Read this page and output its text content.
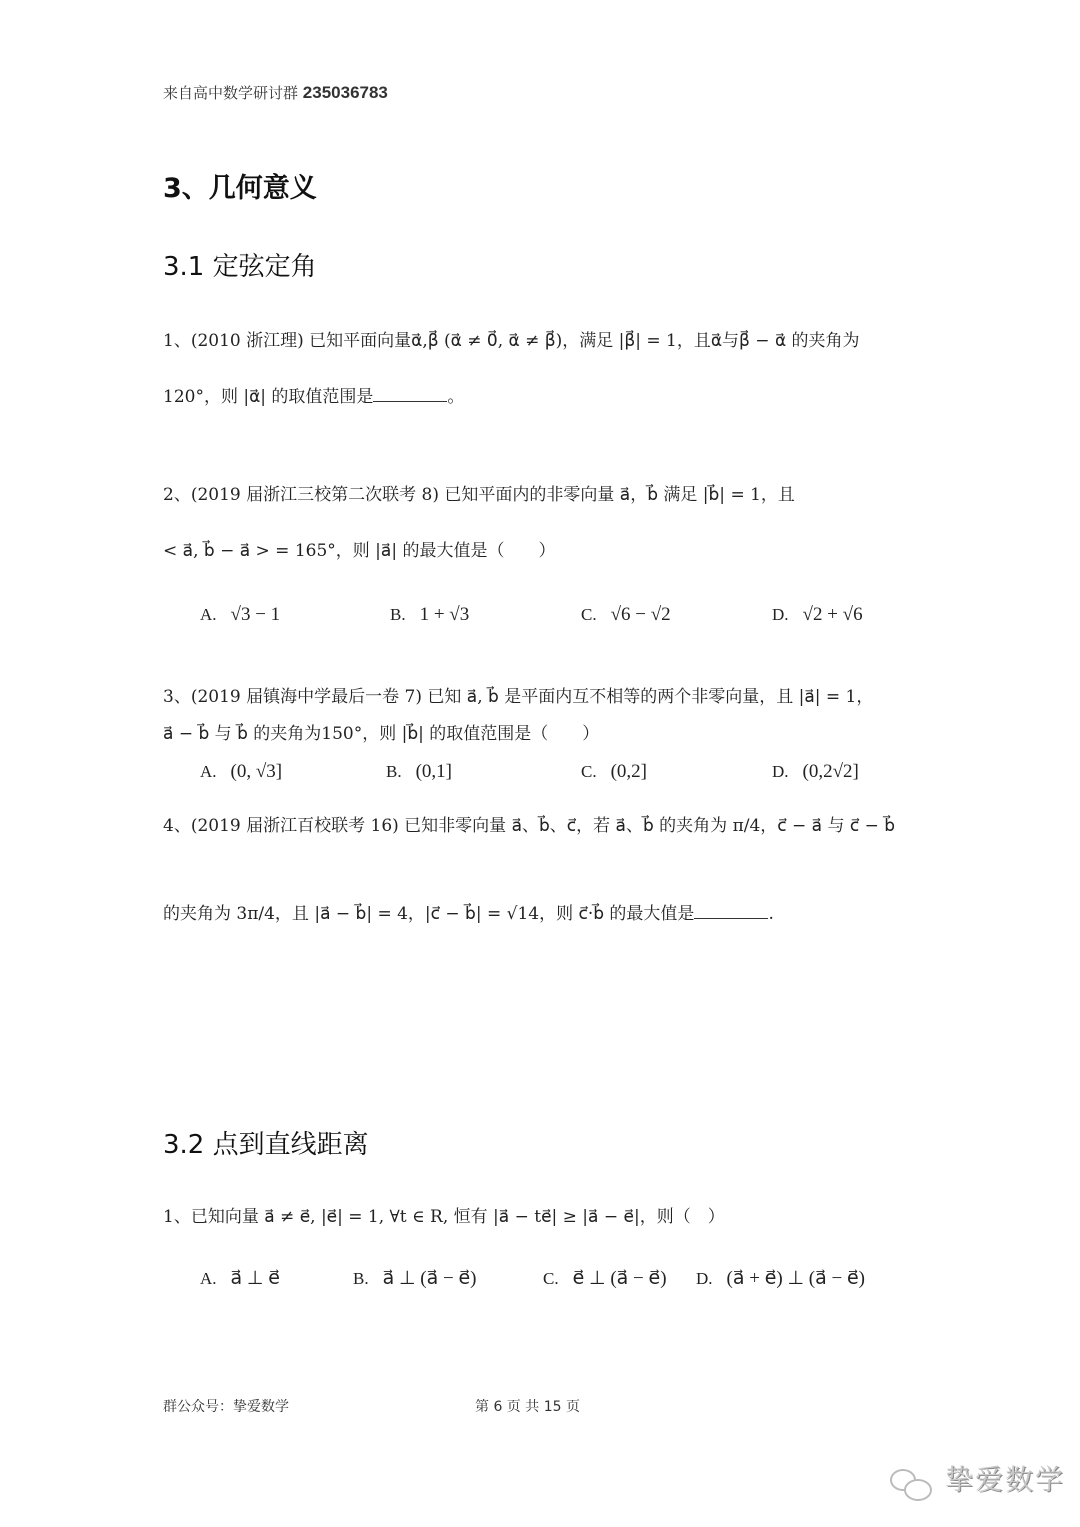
来自高中数学研讨群 235036783
3、几何意义
3.1 定弦定角
1、(2010 浙江理) 已知平面向量α⃗,β⃗ (α⃗ ≠ 0⃗, α⃗ ≠ β⃗)，满足 |β⃗| = 1，且α⃗与β⃗ − α⃗ 的夹角为
120°，则 |α⃗| 的取值范围是	。
2、(2019 届浙江三校第二次联考 8) 已知平面内的非零向量 a⃗，b⃗ 满足 |b⃗| = 1，且
< a⃗, b⃗ − a⃗ > = 165°，则 |a⃗| 的最大值是（　　）
A. √3 − 1	B. 1 + √3	C. √6 − √2	D. √2 + √6
3、(2019 届镇海中学最后一卷 7) 已知 a⃗, b⃗ 是平面内互不相等的两个非零向量，且 |a⃗| = 1，
a⃗ − b⃗ 与 b⃗ 的夹角为150°，则 |b⃗| 的取值范围是（　　）
A. (0, √3]	B. (0,1]	C. (0,2]	D. (0,2√2]
4、(2019 届浙江百校联考 16) 已知非零向量 a⃗、b⃗、c⃗，若 a⃗、b⃗ 的夹角为 π/4，c⃗ − a⃗ 与 c⃗ − b⃗
的夹角为 3π/4，且 |a⃗ − b⃗| = 4，|c⃗ − b⃗| = √14，则 c⃗·b⃗ 的最大值是	.
3.2 点到直线距离
1、已知向量 a⃗ ≠ e⃗, |e⃗| = 1, ∀t ∈ R, 恒有 |a⃗ − te⃗| ≥ |a⃗ − e⃗|，则（　）
A. a⃗ ⊥ e⃗	B. a⃗ ⊥ (a⃗ − e⃗)	C. e⃗ ⊥ (a⃗ − e⃗) D. (a⃗ + e⃗) ⊥ (a⃗ − e⃗)
群公众号：挚爱数学	第 6 页 共 15 页
挚爱数学
